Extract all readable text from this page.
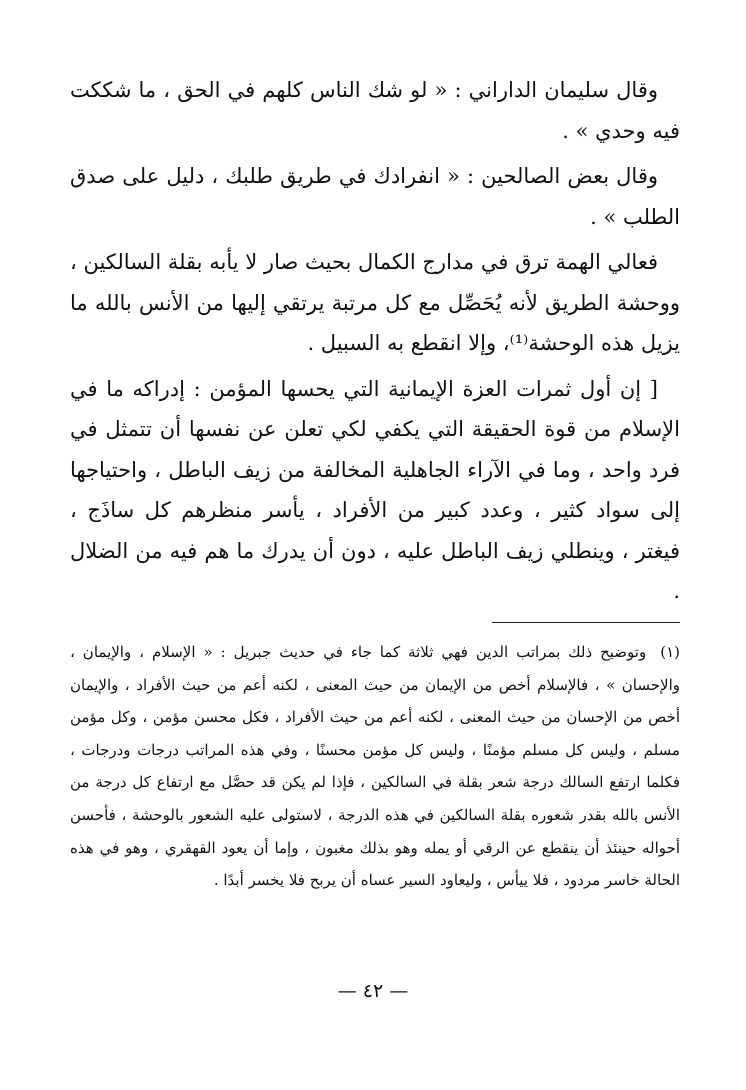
وقال سليمان الداراني : « لو شك الناس كلهم في الحق ، ما شككت فيه وحدي » .

وقال بعض الصالحين : « انفرادك في طريق طلبك ، دليل على صدق الطلب » .

فعالي الهمة ترق في مدارج الكمال بحيث صار لا يأبه بقلة السالكين ، ووحشة الطريق لأنه يُحَصِّل مع كل مرتبة يرتقي إليها من الأنس بالله ما يزيل هذه الوحشة⁽¹⁾، وإلا انقطع به السبيل .

[ إن أول ثمرات العزة الإيمانية التي يحسها المؤمن : إدراكه ما في الإسلام من قوة الحقيقة التي يكفي لكي تعلن عن نفسها أن تتمثل في فرد واحد ، وما في الآراء الجاهلية المخالفة من زيف الباطل ، واحتياجها إلى سواد كثير ، وعدد كبير من الأفراد ، يأسر منظرهم كل ساذَج ، فيغتر ، وينطلي زيف الباطل عليه ، دون أن يدرك ما هم فيه من الضلال .

(١)وتوضيح ذلك بمراتب الدين فهي ثلاثة كما جاء في حديث جبريل : « الإسلام ، والإيمان ، والإحسان » ، فالإسلام أخص من الإيمان من حيث المعنى ، لكنه أعم من حيث الأفراد ، والإيمان أخص من الإحسان من حيث المعنى ، لكنه أعم من حيث الأفراد ، فكل محسن مؤمن ، وكل مؤمن مسلم ، وليس كل مسلم مؤمنًا ، وليس كل مؤمن محسنًا ، وفي هذه المراتب درجات ودرجات ، فكلما ارتفع السالك درجة شعر بقلة في السالكين ، فإذا لم يكن قد حصَّل مع ارتفاع كل درجة من الأنس بالله بقدر شعوره بقلة السالكين في هذه الدرجة ، لاستولى عليه الشعور بالوحشة ، فأحسن أحواله حينئذ أن ينقطع عن الرقي أو يمله وهو بذلك مغبون ، وإما أن يعود القهقري ، وهو في هذه الحالة خاسر مردود ، فلا ييأس ، وليعاود السير عساه أن يربح فلا يخسر أبدًا .

— ٤٢ —
